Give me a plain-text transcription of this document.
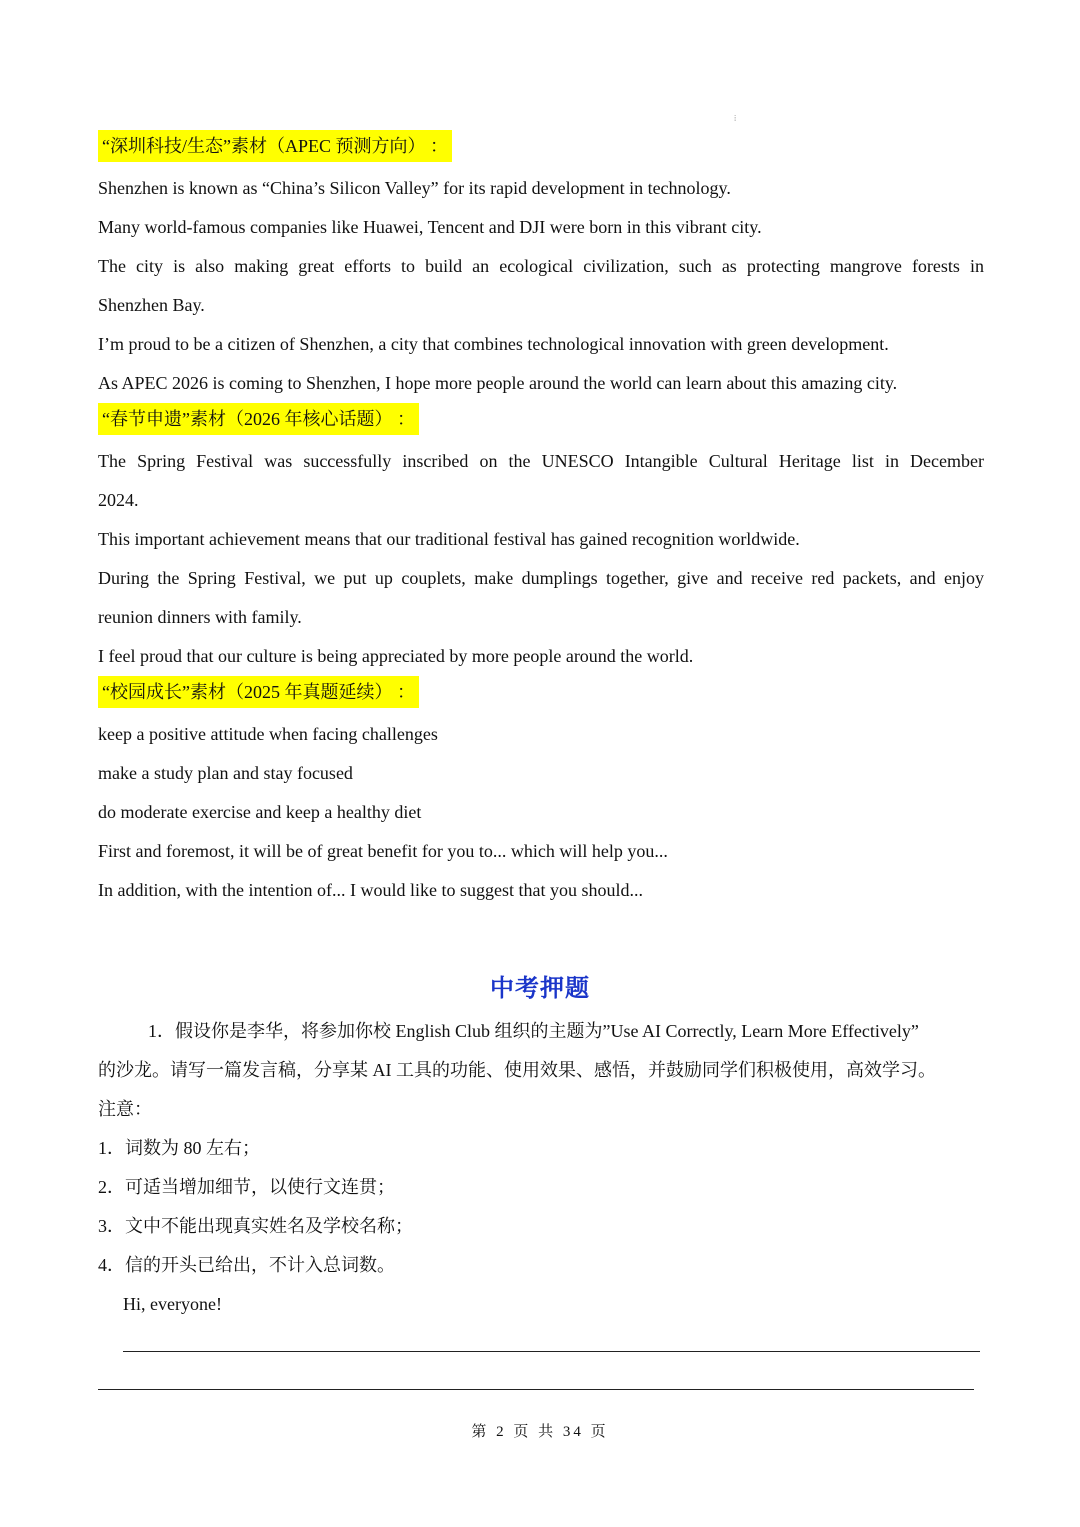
⁞
“深圳科技/生态”素材（APEC 预测方向） ：
Shenzhen is known as “China’s Silicon Valley” for its rapid development in technology.
Many world-famous companies like Huawei, Tencent and DJI were born in this vibrant city.
The city is also making great efforts to build an ecological civilization, such as protecting mangrove forests in
Shenzhen Bay.
I’m proud to be a citizen of Shenzhen, a city that combines technological innovation with green development.
As APEC 2026 is coming to Shenzhen, I hope more people around the world can learn about this amazing city.
“春节申遗”素材（2026 年核心话题） ：
The Spring Festival was successfully inscribed on the UNESCO Intangible Cultural Heritage list in December
2024.
This important achievement means that our traditional festival has gained recognition worldwide.
During the Spring Festival, we put up couplets, make dumplings together, give and receive red packets, and enjoy
reunion dinners with family.
I feel proud that our culture is being appreciated by more people around the world.
“校园成长”素材（2025 年真题延续） ：
keep a positive attitude when facing challenges
make a study plan and stay focused
do moderate exercise and keep a healthy diet
First and foremost, it will be of great benefit for you to... which will help you...
In addition, with the intention of... I would like to suggest that you should...
中考押题
1．假设你是李华，将参加你校 English Club 组织的主题为”Use AI Correctly, Learn More Effectively”
的沙龙。请写一篇发言稿，分享某 AI 工具的功能、使用效果、感悟，并鼓励同学们积极使用，高效学习。
注意：
1．词数为 80 左右；
2．可适当增加细节，以使行文连贯；
3．文中不能出现真实姓名及学校名称；
4．信的开头已给出，不计入总词数。
Hi, everyone!
第 2 页 共 34 页
